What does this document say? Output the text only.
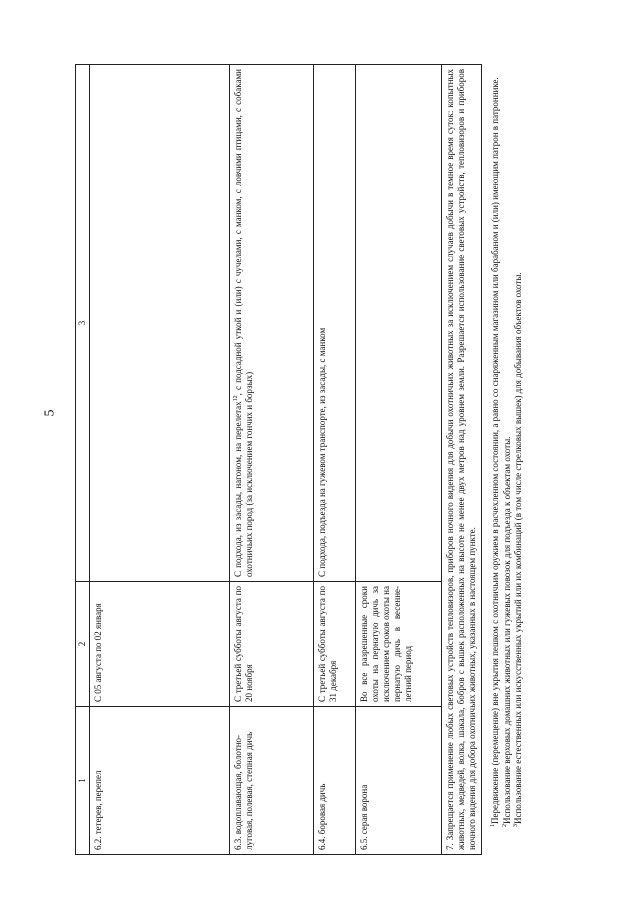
5
1	2	3
6.2. тетерев, перепел	С 05 августа по 02 января	
6.3. водоплавающая, болотно-луговая, полевая, степная дичь	С третьей субботы августа по 20 ноября	С подхода, из засады, нагоном, на перелетах$^{12}$, с подсадной уткой и (или) с чучелами, с манком, с ловчими птицами, с собаками охотничьих пород (за исключением гончих и борзых)
6.4. боровая дичь	С третьей субботы августа по 31 декабря	С подхода, подъезда на гужевом транспорте, из засады, с манком
6.5. серая ворона	Во все разрешенные сроки охоты на пернатую дичь за исключением сроков охоты на пернатую дичь в весенне-летний период	
7. Запрещается применение любых световых устройств тепловизоров, приборов ночного видения для добычи охотничьих животных за исключением случаев добычи в темное время суток: копытных животных, медведей, волка, шакала, бобров с вышек расположенных на высоте не менее двух метров над уровнем земли. Разрешается использование световых устройств, тепловизоров и приборов ночного видения для добора охотничьих животных, указанных в настоящем пункте.		$^1$Передвижение (перемещение) вне укрытия пешком с охотничьим оружием в расчехленном состоянии, а равно со снаряженным магазином или барабаном и (или) имеющим патрон в патроннике.

$^2$Использование верховых домашних животных или гужевых повозок для подъезда к объектам охоты.

$^3$Использование естественных или искусственных укрытий или их комбинаций (в том числе стрелковых вышек) для добывания объектов охоты.
